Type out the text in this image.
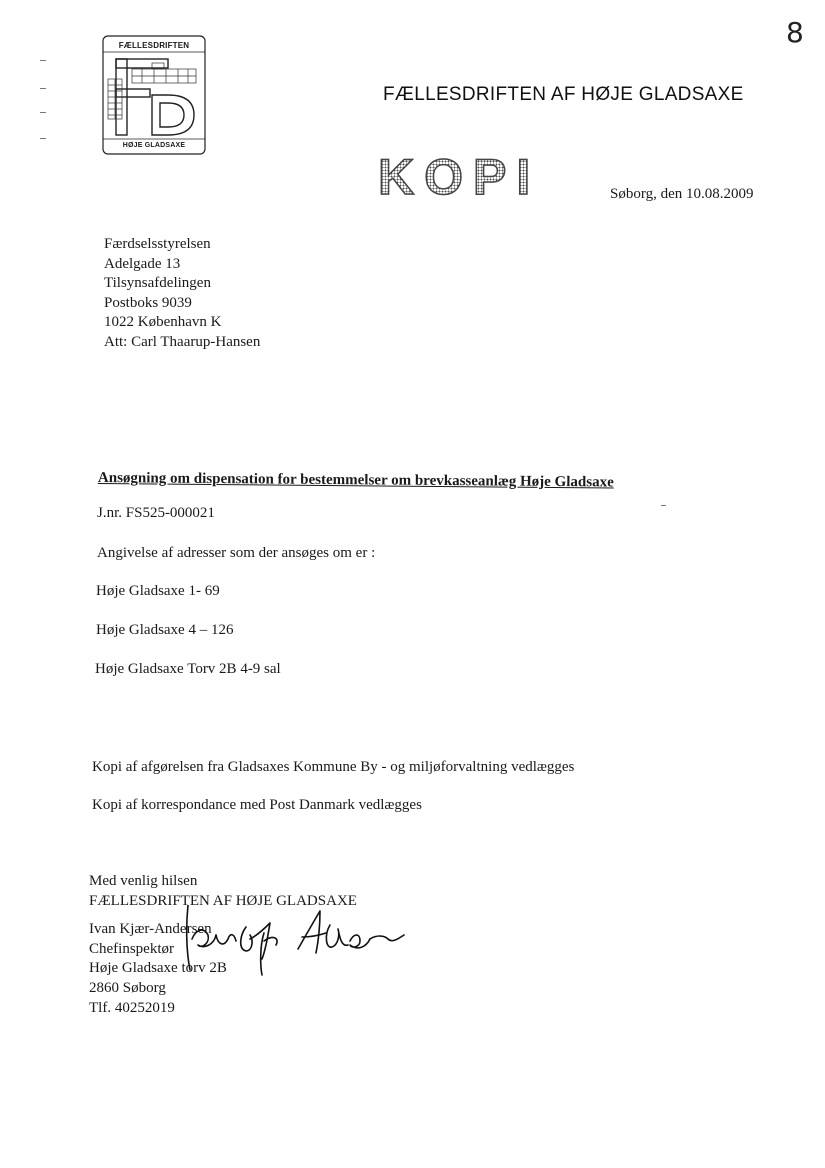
8
FÆLLESDRIFTEN
HØJE GLADSAXE
FÆLLESDRIFTEN AF HØJE GLADSAXE
KOPI	Søborg, den 10.08.2009
Færdselsstyrelsen
Adelgade 13
Tilsynsafdelingen
Postboks 9039
1022 København K
Att: Carl Thaarup-Hansen
Ansøgning om dispensation for bestemmelser om brevkasseanlæg Høje Gladsaxe
J.nr. FS525-000021
Angivelse af adresser som der ansøges om er :
Høje Gladsaxe 1- 69
Høje Gladsaxe 4 – 126
Høje Gladsaxe Torv 2B 4-9 sal
Kopi af afgørelsen fra Gladsaxes Kommune By - og miljøforvaltning vedlægges
Kopi af korrespondance med Post Danmark vedlægges
Med venlig hilsen
FÆLLESDRIFTEN AF HØJE GLADSAXE
Ivan Kjær-Andersen
Chefinspektør
Høje Gladsaxe torv 2B
2860 Søborg
Tlf. 40252019
